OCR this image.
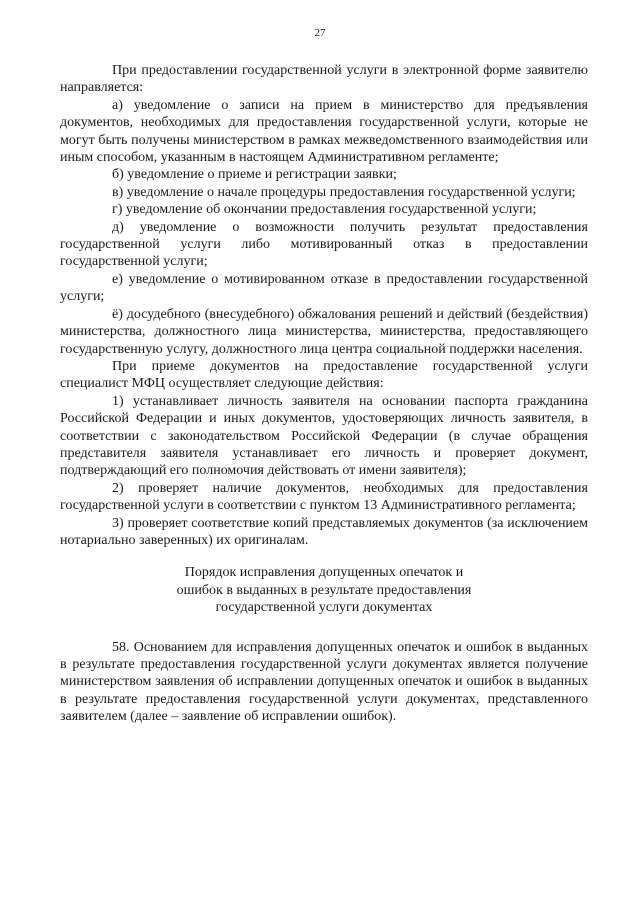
27

При предоставлении государственной услуги в электронной форме заявителю направляется:

а) уведомление о записи на прием в министерство для предъявления документов, необходимых для предоставления государственной услуги, которые не могут быть получены министерством в рамках межведомственного взаимодействия или иным способом, указанным в настоящем Административном регламенте;

б) уведомление о приеме и регистрации заявки;

в) уведомление о начале процедуры предоставления государственной услуги;

г) уведомление об окончании предоставления государственной услуги;

д) уведомление о возможности получить результат предоставления государственной услуги либо мотивированный отказ в предоставлении государственной услуги;

е) уведомление о мотивированном отказе в предоставлении государственной услуги;

ё) досудебного (внесудебного) обжалования решений и действий (бездействия) министерства, должностного лица министерства, министерства, предоставляющего государственную услугу, должностного лица центра социальной поддержки населения.

При приеме документов на предоставление государственной услуги специалист МФЦ осуществляет следующие действия:

1) устанавливает личность заявителя на основании паспорта гражданина Российской Федерации и иных документов, удостоверяющих личность заявителя, в соответствии с законодательством Российской Федерации (в случае обращения представителя заявителя устанавливает его личность и проверяет документ, подтверждающий его полномочия действовать от имени заявителя);

2) проверяет наличие документов, необходимых для предоставления государственной услуги в соответствии с пунктом 13 Административного регламента;

3) проверяет соответствие копий представляемых документов (за исключением нотариально заверенных) их оригиналам.

Порядок исправления допущенных опечаток и
ошибок в выданных в результате предоставления
государственной услуги документах

58. Основанием для исправления допущенных опечаток и ошибок в выданных в результате предоставления государственной услуги документах является получение министерством заявления об исправлении допущенных опечаток и ошибок в выданных в результате предоставления государственной услуги документах, представленного заявителем (далее – заявление об исправлении ошибок).
